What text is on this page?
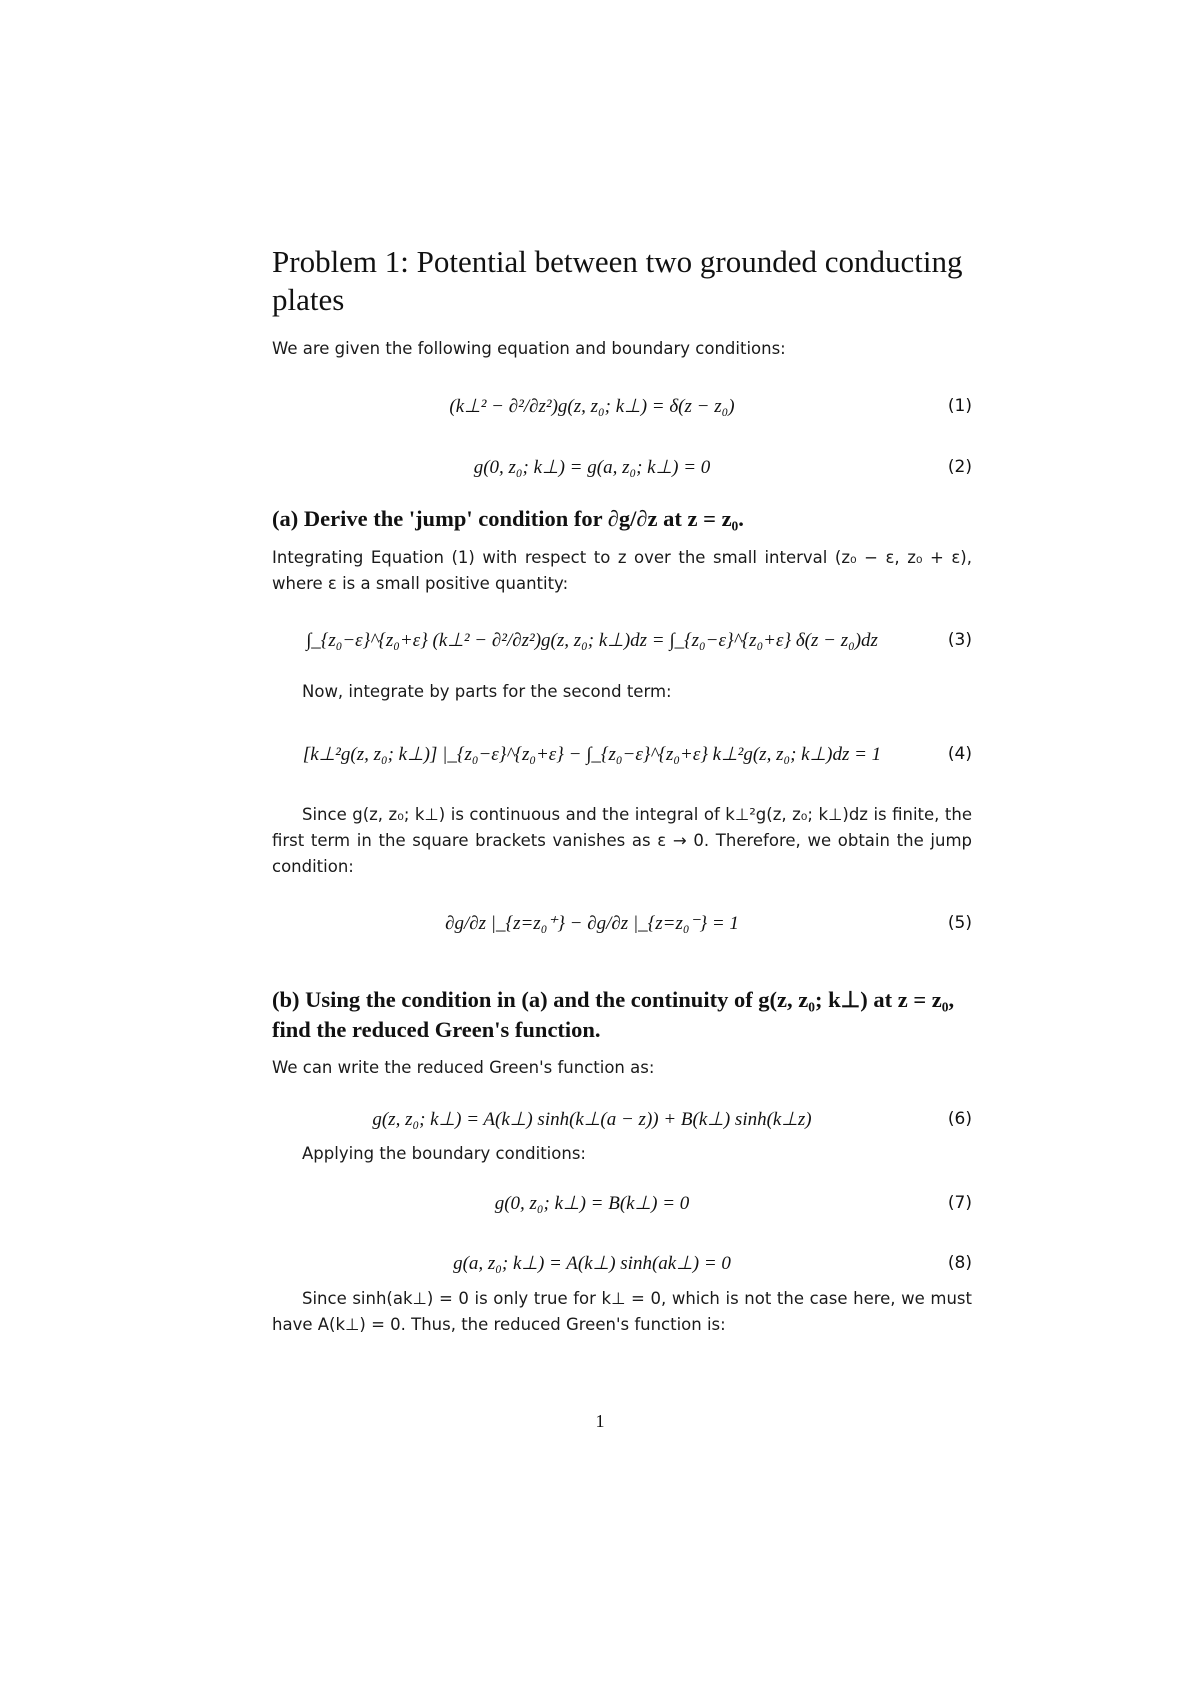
Problem 1: Potential between two grounded conducting plates

We are given the following equation and boundary conditions:

(k⊥² − ∂²/∂z²)g(z, z₀; k⊥) = δ(z − z₀)	(1)
g(0, z₀; k⊥) = g(a, z₀; k⊥) = 0	(2)
(a) Derive the 'jump' condition for ∂g/∂z at z = z₀.

Integrating Equation (1) with respect to z over the small interval (z₀ − ε, z₀ + ε), where ε is a small positive quantity:

∫_{z₀−ε}^{z₀+ε} (k⊥² − ∂²/∂z²)g(z, z₀; k⊥)dz = ∫_{z₀−ε}^{z₀+ε} δ(z − z₀)dz	(3)

Now, integrate by parts for the second term:

[k⊥²g(z, z₀; k⊥)] |_{z₀−ε}^{z₀+ε} − ∫_{z₀−ε}^{z₀+ε} k⊥²g(z, z₀; k⊥)dz = 1	(4)

Since g(z, z₀; k⊥) is continuous and the integral of k⊥²g(z, z₀; k⊥)dz is finite, the first term in the square brackets vanishes as ε → 0. Therefore, we obtain the jump condition:

∂g/∂z |_{z=z₀⁺} − ∂g/∂z |_{z=z₀⁻} = 1	(5)
(b) Using the condition in (a) and the continuity of g(z, z₀; k⊥) at z = z₀, find the reduced Green's function.

We can write the reduced Green's function as:

g(z, z₀; k⊥) = A(k⊥) sinh(k⊥(a − z)) + B(k⊥) sinh(k⊥z)	(6)

Applying the boundary conditions:

g(0, z₀; k⊥) = B(k⊥) = 0	(7)
g(a, z₀; k⊥) = A(k⊥) sinh(ak⊥) = 0	(8)

Since sinh(ak⊥) = 0 is only true for k⊥ = 0, which is not the case here, we must have A(k⊥) = 0. Thus, the reduced Green's function is:

1
